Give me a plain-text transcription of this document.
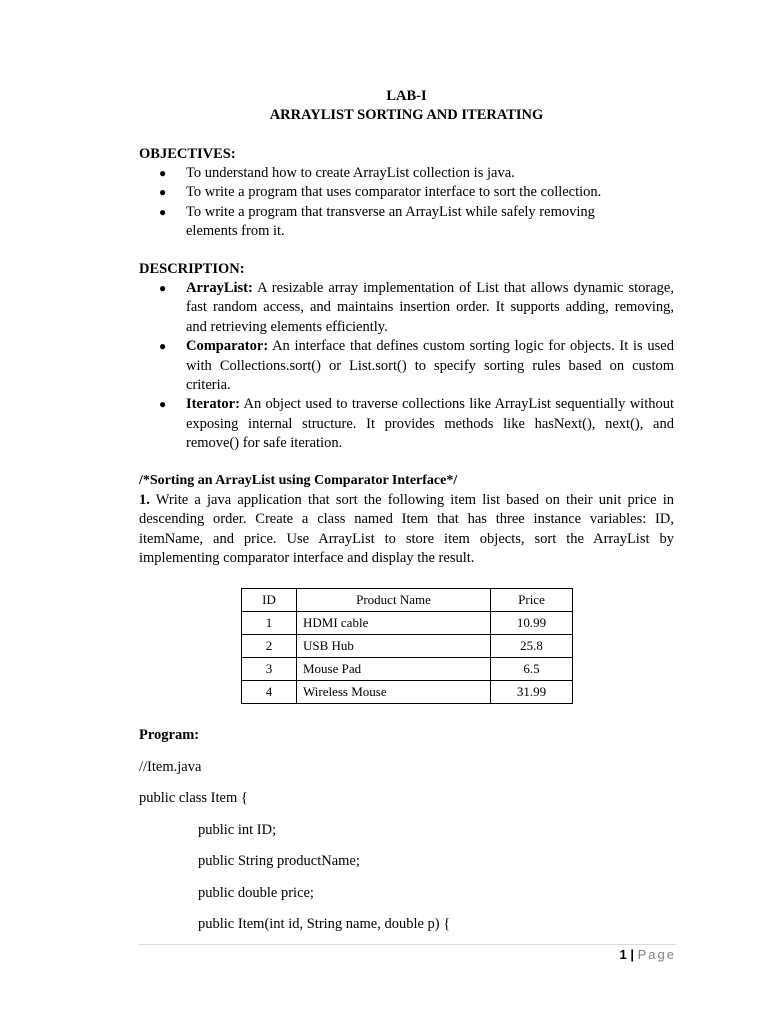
LAB-I
ARRAYLIST SORTING AND ITERATING
OBJECTIVES:
● To understand how to create ArrayList collection is java.
● To write a program that uses comparator interface to sort the collection.
● To write a program that transverse an ArrayList while safely removing elements from it.
DESCRIPTION:
● ArrayList: A resizable array implementation of List that allows dynamic storage, fast random access, and maintains insertion order. It supports adding, removing, and retrieving elements efficiently.
● Comparator: An interface that defines custom sorting logic for objects. It is used with Collections.sort() or List.sort() to specify sorting rules based on custom criteria.
● Iterator: An object used to traverse collections like ArrayList sequentially without exposing internal structure. It provides methods like hasNext(), next(), and remove() for safe iteration.
/*Sorting an ArrayList using Comparator Interface*/
1. Write a java application that sort the following item list based on their unit price in descending order. Create a class named Item that has three instance variables: ID, itemName, and price. Use ArrayList to store item objects, sort the ArrayList by implementing comparator interface and display the result.
ID	Product Name	Price
1	HDMI cable	10.99
2	USB Hub	25.8
3	Mouse Pad	6.5
4	Wireless Mouse	31.99
Program:
//Item.java
public class Item {
public int ID;
public String productName;
public double price;
public Item(int id, String name, double p) {
1 | Page
